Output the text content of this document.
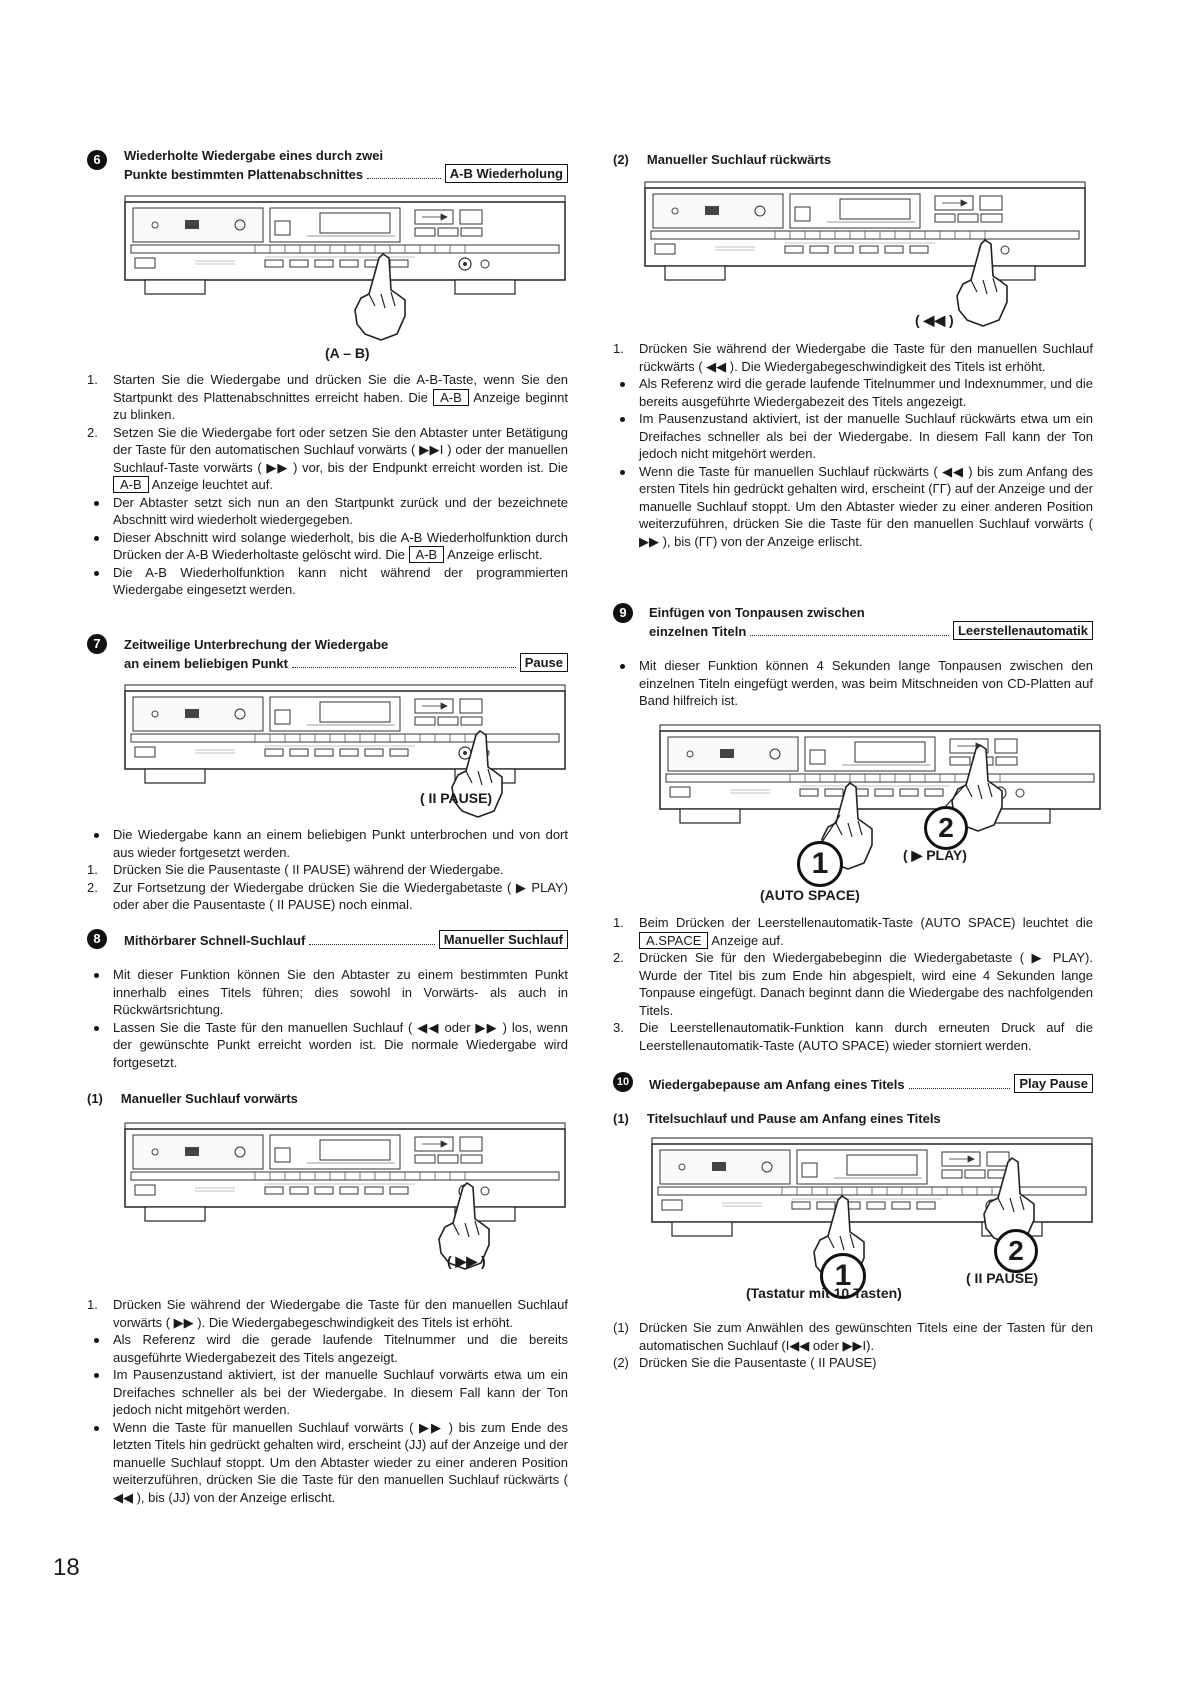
6	Wiederholte Wiedergabe eines durch zwei
Punkte bestimmten Plattenabschnittes	A-B Wiederholung
(A – B)

1. Starten Sie die Wiedergabe und drücken Sie die A-B-Taste, wenn Sie den Startpunkt des Plattenabschnittes erreicht haben. Die A-B Anzeige beginnt zu blinken.

2. Setzen Sie die Wiedergabe fort oder setzen Sie den Abtaster unter Betätigung der Taste für den automatischen Suchlauf vorwärts ( ▶▶I ) oder der manuellen Suchlauf-Taste vorwärts ( ▶▶ ) vor, bis der Endpunkt erreicht worden ist. Die A-B Anzeige leuchtet auf.

Der Abtaster setzt sich nun an den Startpunkt zurück und der bezeichnete Abschnitt wird wiederholt wiedergegeben.

Dieser Abschnitt wird solange wiederholt, bis die A-B Wiederholfunktion durch Drücken der A-B Wiederholtaste gelöscht wird. Die A-B Anzeige erlischt.

Die A-B Wiederholfunktion kann nicht während der programmierten Wiedergabe eingesetzt werden.

7	Zeitweilige Unterbrechung der Wiedergabe
an einem beliebigen Punkt	Pause
( II PAUSE)

Die Wiedergabe kann an einem beliebigen Punkt unterbrochen und von dort aus wieder fortgesetzt werden.

1. Drücken Sie die Pausentaste ( II PAUSE) während der Wiedergabe.

2. Zur Fortsetzung der Wiedergabe drücken Sie die Wiedergabetaste ( ▶ PLAY) oder aber die Pausentaste ( II PAUSE) noch einmal.

8	Mithörbarer Schnell-Suchlauf	Manueller Suchlauf

Mit dieser Funktion können Sie den Abtaster zu einem bestimmten Punkt innerhalb eines Titels führen; dies sowohl in Vorwärts- als auch in Rückwärtsrichtung.

Lassen Sie die Taste für den manuellen Suchlauf ( ◀◀ oder ▶▶ ) los, wenn der gewünschte Punkt erreicht worden ist. Die normale Wiedergabe wird fortgesetzt.

(1) Manueller Suchlauf vorwärts
( ▶▶ )

1. Drücken Sie während der Wiedergabe die Taste für den manuellen Suchlauf vorwärts ( ▶▶ ). Die Wiedergabegeschwindigkeit des Titels ist erhöht.

Als Referenz wird die gerade laufende Titelnummer und die bereits ausgeführte Wiedergabezeit des Titels angezeigt.

Im Pausenzustand aktiviert, ist der manuelle Suchlauf vorwärts etwa um ein Dreifaches schneller als bei der Wiedergabe. In diesem Fall kann der Ton jedoch nicht mitgehört werden.

Wenn die Taste für manuellen Suchlauf vorwärts ( ▶▶ ) bis zum Ende des letzten Titels hin gedrückt gehalten wird, erscheint (JJ) auf der Anzeige und der manuelle Suchlauf stoppt. Um den Abtaster wieder zu einer anderen Position weiterzuführen, drücken Sie die Taste für den manuellen Suchlauf rückwärts ( ◀◀ ), bis (JJ) von der Anzeige erlischt.

18
(2) Manueller Suchlauf rückwärts
( ◀◀ )

1. Drücken Sie während der Wiedergabe die Taste für den manuellen Suchlauf rückwärts ( ◀◀ ). Die Wiedergabegeschwindigkeit des Titels ist erhöht.

Als Referenz wird die gerade laufende Titelnummer und Indexnummer, und die bereits ausgeführte Wiedergabezeit des Titels angezeigt.

Im Pausenzustand aktiviert, ist der manuelle Suchlauf rückwärts etwa um ein Dreifaches schneller als bei der Wiedergabe. In diesem Fall kann der Ton jedoch nicht mitgehört werden.

Wenn die Taste für manuellen Suchlauf rückwärts ( ◀◀ ) bis zum Anfang des ersten Titels hin gedrückt gehalten wird, erscheint (ΓΓ) auf der Anzeige und der manuelle Suchlauf stoppt. Um den Abtaster wieder zu einer anderen Position weiterzuführen, drücken Sie die Taste für den manuellen Suchlauf vorwärts ( ▶▶ ), bis (ΓΓ) von der Anzeige erlischt.

9	Einfügen von Tonpausen zwischen
einzelnen Titeln	Leerstellenautomatik

Mit dieser Funktion können 4 Sekunden lange Tonpausen zwischen den einzelnen Titeln eingefügt werden, was beim Mitschneiden von CD-Platten auf Band hilfreich ist.

1
2
( ▶ PLAY)
(AUTO SPACE)

1. Beim Drücken der Leerstellenautomatik-Taste (AUTO SPACE) leuchtet die A.SPACE Anzeige auf.

2. Drücken Sie für den Wiedergabebeginn die Wiedergabetaste ( ▶ PLAY). Wurde der Titel bis zum Ende hin abgespielt, wird eine 4 Sekunden lange Tonpause eingefügt. Danach beginnt dann die Wiedergabe des nachfolgenden Titels.

3. Die Leerstellenautomatik-Funktion kann durch erneuten Druck auf die Leerstellenautomatik-Taste (AUTO SPACE) wieder storniert werden.

10 Wiedergabepause am Anfang eines Titels	Play Pause
(1) Titelsuchlauf und Pause am Anfang eines Titels
1
2
( II PAUSE)
(Tastatur mit 10 Tasten)

(1) Drücken Sie zum Anwählen des gewünschten Titels eine der Tasten für den automatischen Suchlauf (I◀◀ oder ▶▶I).

(2) Drücken Sie die Pausentaste ( II PAUSE)
